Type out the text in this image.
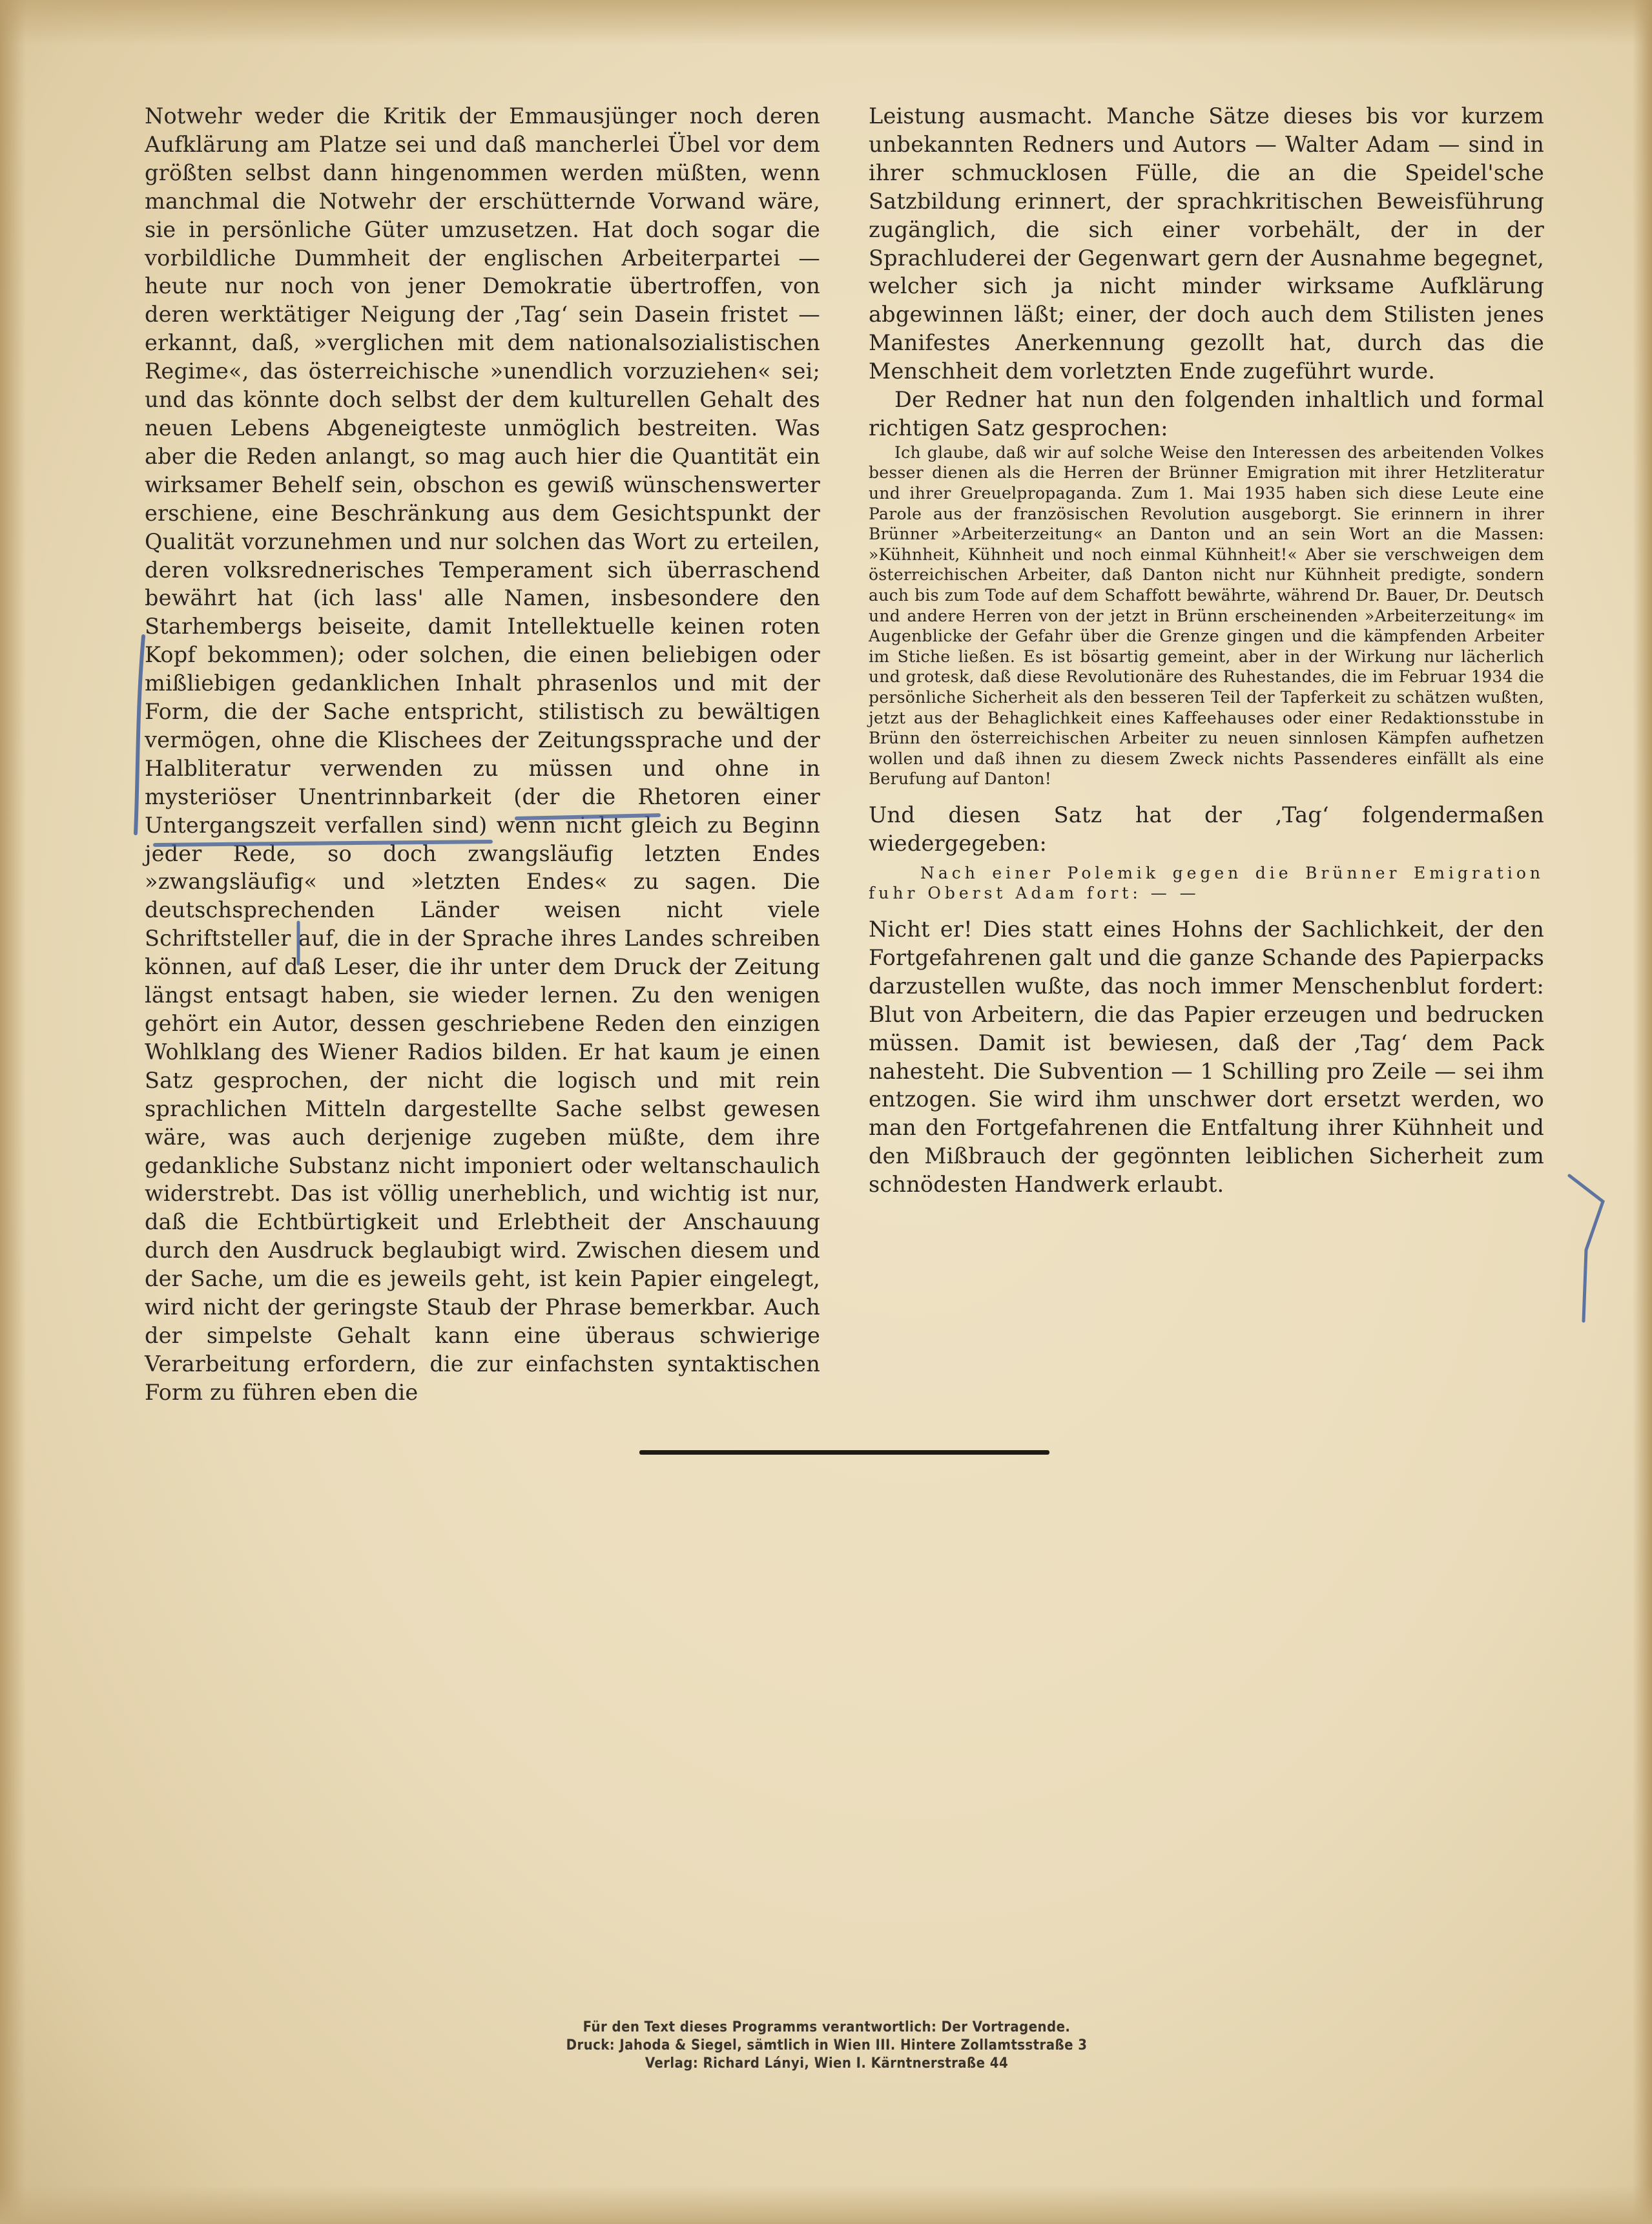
Notwehr weder die Kritik der Emmausjünger noch deren Aufklärung am Platze sei und daß mancherlei Übel vor dem größten selbst dann hingenommen werden müßten, wenn manchmal die Notwehr der erschütternde Vorwand wäre, sie in persönliche Güter umzusetzen. Hat doch sogar die vorbildliche Dummheit der englischen Arbeiterpartei — heute nur noch von jener Demokratie übertroffen, von deren werktätiger Neigung der ‚Tag‘ sein Dasein fristet — erkannt, daß, »verglichen mit dem nationalsozialistischen Regime«, das österreichische »unendlich vorzuziehen« sei; und das könnte doch selbst der dem kulturellen Gehalt des neuen Lebens Abgeneigteste unmöglich bestreiten. Was aber die Reden anlangt, so mag auch hier die Quantität ein wirksamer Behelf sein, obschon es gewiß wünschenswerter erschiene, eine Beschränkung aus dem Gesichtspunkt der Qualität vorzunehmen und nur solchen das Wort zu erteilen, deren volksrednerisches Temperament sich überraschend bewährt hat (ich lass' alle Namen, insbesondere den Starhembergs beiseite, damit Intellektuelle keinen roten Kopf bekommen); oder solchen, die einen beliebigen oder mißliebigen gedanklichen Inhalt phrasenlos und mit der Form, die der Sache entspricht, stilistisch zu bewältigen vermögen, ohne die Klischees der Zeitungssprache und der Halbliteratur verwenden zu müssen und ohne in mysteriöser Unentrinnbarkeit (der die Rhetoren einer Untergangszeit verfallen sind) wenn nicht gleich zu Beginn jeder Rede, so doch zwangsläufig letzten Endes »zwangsläufig« und »letzten Endes« zu sagen. Die deutschsprechenden Länder weisen nicht viele Schriftsteller auf, die in der Sprache ihres Landes schreiben können, auf daß Leser, die ihr unter dem Druck der Zeitung längst entsagt haben, sie wieder lernen. Zu den wenigen gehört ein Autor, dessen geschriebene Reden den einzigen Wohlklang des Wiener Radios bilden. Er hat kaum je einen Satz gesprochen, der nicht die logisch und mit rein sprachlichen Mitteln dargestellte Sache selbst gewesen wäre, was auch derjenige zugeben müßte, dem ihre gedankliche Substanz nicht imponiert oder weltanschaulich widerstrebt. Das ist völlig unerheblich, und wichtig ist nur, daß die Echtbürtigkeit und Erlebtheit der Anschauung durch den Ausdruck beglaubigt wird. Zwischen diesem und der Sache, um die es jeweils geht, ist kein Papier eingelegt, wird nicht der geringste Staub der Phrase bemerkbar. Auch der simpelste Gehalt kann eine überaus schwierige Verarbeitung erfordern, die zur einfachsten syntaktischen Form zu führen eben die

Leistung ausmacht. Manche Sätze dieses bis vor kurzem unbekannten Redners und Autors — Walter Adam — sind in ihrer schmucklosen Fülle, die an die Speidel'sche Satzbildung erinnert, der sprachkritischen Beweisführung zugänglich, die sich einer vorbehält, der in der Sprachluderei der Gegenwart gern der Ausnahme begegnet, welcher sich ja nicht minder wirksame Aufklärung abgewinnen läßt; einer, der doch auch dem Stilisten jenes Manifestes Anerkennung gezollt hat, durch das die Menschheit dem vorletzten Ende zugeführt wurde.

Der Redner hat nun den folgenden inhaltlich und formal richtigen Satz gesprochen:

Ich glaube, daß wir auf solche Weise den Interessen des arbeitenden Volkes besser dienen als die Herren der Brünner Emigration mit ihrer Hetzliteratur und ihrer Greuelpropaganda. Zum 1. Mai 1935 haben sich diese Leute eine Parole aus der französischen Revolution ausgeborgt. Sie erinnern in ihrer Brünner »Arbeiterzeitung« an Danton und an sein Wort an die Massen: »Kühnheit, Kühnheit und noch einmal Kühnheit!« Aber sie verschweigen dem österreichischen Arbeiter, daß Danton nicht nur Kühnheit predigte, sondern auch bis zum Tode auf dem Schaffott bewährte, während Dr. Bauer, Dr. Deutsch und andere Herren von der jetzt in Brünn erscheinenden »Arbeiterzeitung« im Augenblicke der Gefahr über die Grenze gingen und die kämpfenden Arbeiter im Stiche ließen. Es ist bösartig gemeint, aber in der Wirkung nur lächerlich und grotesk, daß diese Revolutionäre des Ruhestandes, die im Februar 1934 die persönliche Sicherheit als den besseren Teil der Tapferkeit zu schätzen wußten, jetzt aus der Behaglichkeit eines Kaffeehauses oder einer Redaktionsstube in Brünn den österreichischen Arbeiter zu neuen sinnlosen Kämpfen aufhetzen wollen und daß ihnen zu diesem Zweck nichts Passenderes einfällt als eine Berufung auf Danton!

Und diesen Satz hat der ‚Tag‘ folgendermaßen wiedergegeben:

Nach einer Polemik gegen die Brünner Emigration fuhr Oberst Adam fort: — —

Nicht er! Dies statt eines Hohns der Sachlichkeit, der den Fortgefahrenen galt und die ganze Schande des Papierpacks darzustellen wußte, das noch immer Menschenblut fordert: Blut von Arbeitern, die das Papier erzeugen und bedrucken müssen. Damit ist bewiesen, daß der ‚Tag‘ dem Pack nahesteht. Die Subvention — 1 Schilling pro Zeile — sei ihm entzogen. Sie wird ihm unschwer dort ersetzt werden, wo man den Fortgefahrenen die Entfaltung ihrer Kühnheit und den Mißbrauch der gegönnten leiblichen Sicherheit zum schnödesten Handwerk erlaubt.

Für den Text dieses Programms verantwortlich: Der Vortragende.
Druck: Jahoda & Siegel, sämtlich in Wien III. Hintere Zollamtsstraße 3
Verlag: Richard Lányi, Wien I. Kärntnerstraße 44
